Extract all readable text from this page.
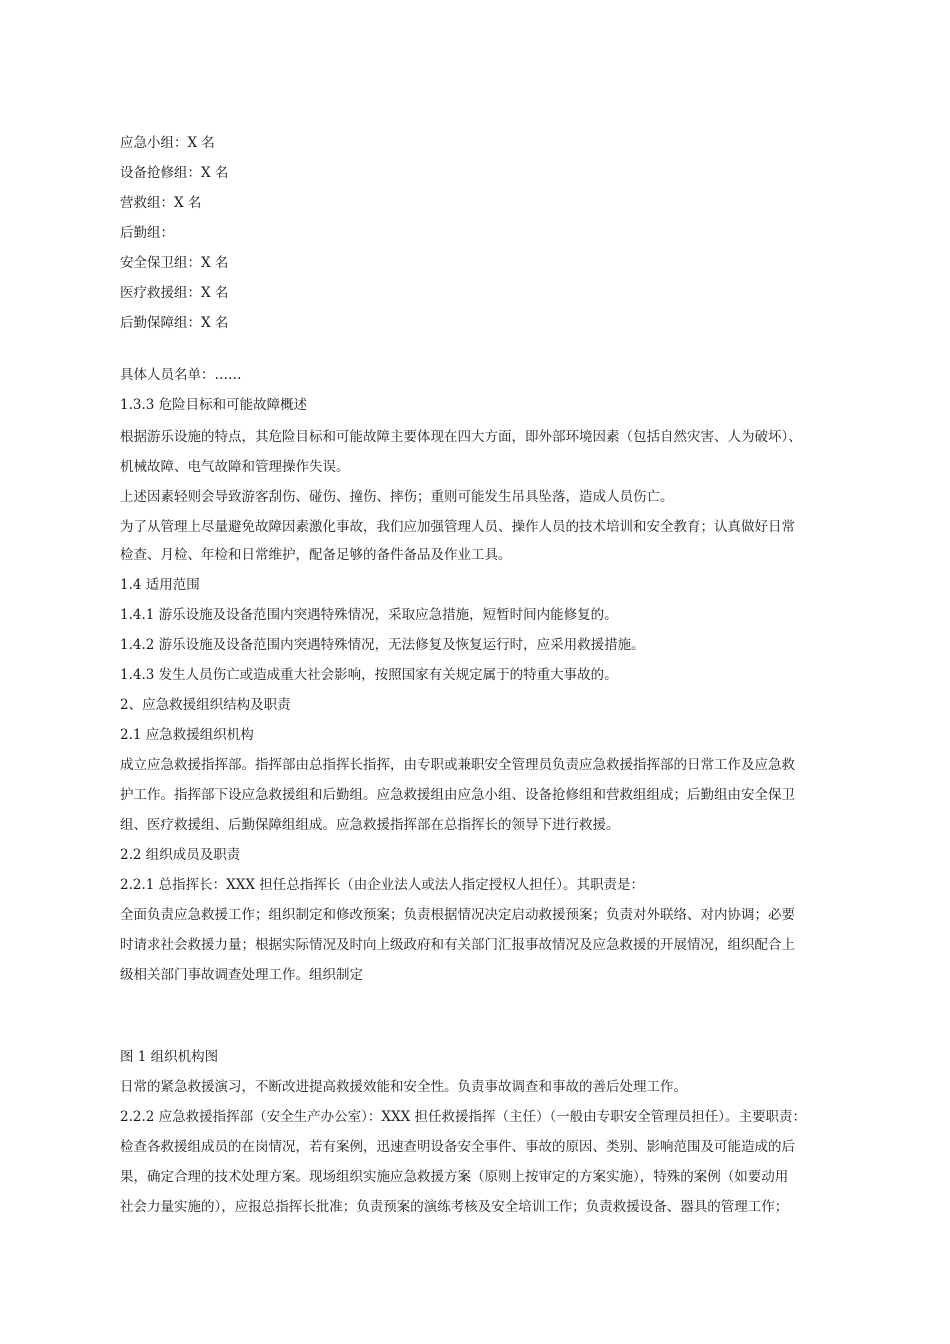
应急小组：X 名
设备抢修组：X 名
营救组：X 名
后勤组：
安全保卫组：X 名
医疗救援组：X 名
后勤保障组：X 名
具体人员名单：……
1.3.3 危险目标和可能故障概述
根据游乐设施的特点，其危险目标和可能故障主要体现在四大方面，即外部环境因素（包括自然灾害、人为破坏）、
机械故障、电气故障和管理操作失误。
上述因素轻则会导致游客刮伤、碰伤、撞伤、摔伤；重则可能发生吊具坠落，造成人员伤亡。
为了从管理上尽量避免故障因素激化事故，我们应加强管理人员、操作人员的技术培训和安全教育；认真做好日常
检查、月检、年检和日常维护，配备足够的备件备品及作业工具。
1.4 适用范围
1.4.1 游乐设施及设备范围内突遇特殊情况，采取应急措施，短暂时间内能修复的。
1.4.2 游乐设施及设备范围内突遇特殊情况，无法修复及恢复运行时，应采用救援措施。
1.4.3 发生人员伤亡或造成重大社会影响，按照国家有关规定属于的特重大事故的。
2、应急救援组织结构及职责
2.1 应急救援组织机构
成立应急救援指挥部。指挥部由总指挥长指挥，由专职或兼职安全管理员负责应急救援指挥部的日常工作及应急救
护工作。指挥部下设应急救援组和后勤组。应急救援组由应急小组、设备抢修组和营救组组成；后勤组由安全保卫
组、医疗救援组、后勤保障组组成。应急救援指挥部在总指挥长的领导下进行救援。
2.2 组织成员及职责
2.2.1 总指挥长：XXX 担任总指挥长（由企业法人或法人指定授权人担任）。其职责是：
全面负责应急救援工作；组织制定和修改预案；负责根据情况决定启动救援预案；负责对外联络、对内协调；必要
时请求社会救援力量；根据实际情况及时向上级政府和有关部门汇报事故情况及应急救援的开展情况，组织配合上
级相关部门事故调查处理工作。组织制定
图 1 组织机构图
日常的紧急救援演习，不断改进提高救援效能和安全性。负责事故调查和事故的善后处理工作。
2.2.2 应急救援指挥部（安全生产办公室）：XXX 担任救援指挥（主任）（一般由专职安全管理员担任）。主要职责：
检查各救援组成员的在岗情况，若有案例，迅速查明设备安全事件、事故的原因、类别、影响范围及可能造成的后
果，确定合理的技术处理方案。现场组织实施应急救援方案（原则上按审定的方案实施），特殊的案例（如要动用
社会力量实施的），应报总指挥长批准；负责预案的演练考核及安全培训工作；负责救援设备、器具的管理工作；
